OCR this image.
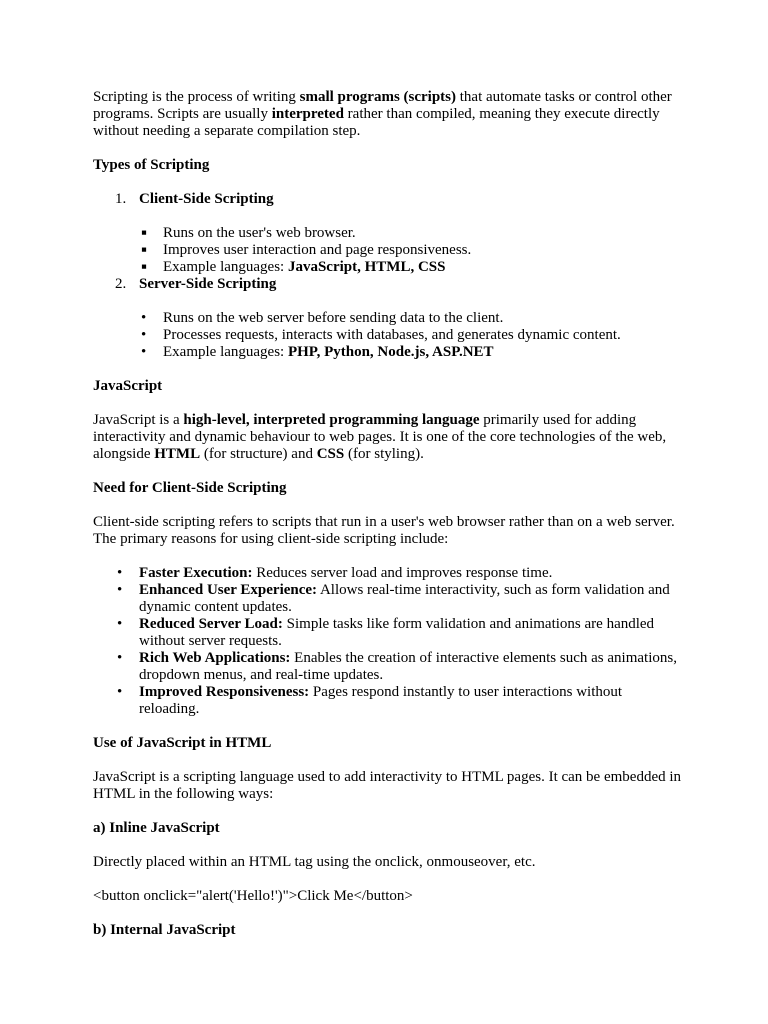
Scripting is the process of writing small programs (scripts) that automate tasks or control other programs. Scripts are usually interpreted rather than compiled, meaning they execute directly without needing a separate compilation step.

Types of Scripting

1. Client-Side Scripting
▪ Runs on the user's web browser.
▪ Improves user interaction and page responsiveness.
▪ Example languages: JavaScript, HTML, CSS
2. Server-Side Scripting
• Runs on the web server before sending data to the client.
• Processes requests, interacts with databases, and generates dynamic content.
• Example languages: PHP, Python, Node.js, ASP.NET

JavaScript

JavaScript is a high-level, interpreted programming language primarily used for adding interactivity and dynamic behaviour to web pages. It is one of the core technologies of the web, alongside HTML (for structure) and CSS (for styling).

Need for Client-Side Scripting

Client-side scripting refers to scripts that run in a user's web browser rather than on a web server. The primary reasons for using client-side scripting include:

• Faster Execution: Reduces server load and improves response time.
• Enhanced User Experience: Allows real-time interactivity, such as form validation and dynamic content updates.
• Reduced Server Load: Simple tasks like form validation and animations are handled without server requests.
• Rich Web Applications: Enables the creation of interactive elements such as animations, dropdown menus, and real-time updates.
• Improved Responsiveness: Pages respond instantly to user interactions without reloading.

Use of JavaScript in HTML

JavaScript is a scripting language used to add interactivity to HTML pages. It can be embedded in HTML in the following ways:

a) Inline JavaScript

Directly placed within an HTML tag using the onclick, onmouseover, etc.

<button onclick="alert('Hello!')">Click Me</button>

b) Internal JavaScript
